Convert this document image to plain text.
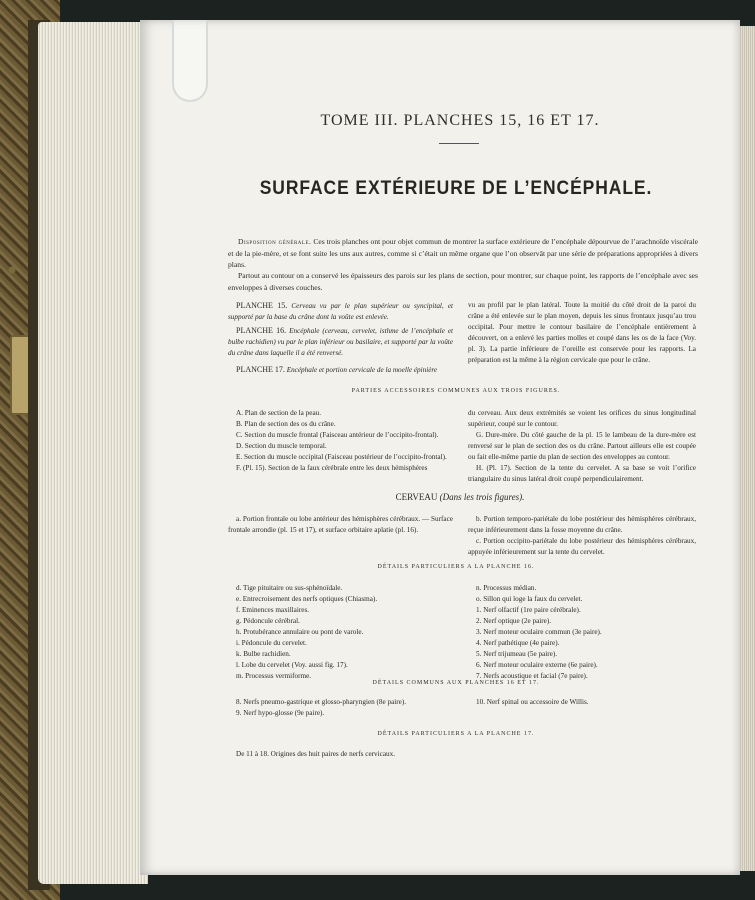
TOME III. PLANCHES 15, 16 ET 17.
SURFACE EXTÉRIEURE DE L’ENCÉPHALE.
Disposition générale. Ces trois planches ont pour objet commun de montrer la surface extérieure de l’encéphale dépourvue de l’arachnoïde viscérale et de la pie-mère, et se font suite les uns aux autres, comme si c’était un même organe que l’on observât par une série de préparations appropriées à divers plans.
Partout au contour on a conservé les épaisseurs des parois sur les plans de section, pour montrer, sur chaque point, les rapports de l’encéphale avec ses enveloppes à diverses couches.
PLANCHE 15. Cerveau vu par le plan supérieur ou syncipital, et supporté par la base du crâne dont la voûte est enlevée.
PLANCHE 16. Encéphale (cerveau, cervelet, isthme de l’encéphale et bulbe rachidien) vu par le plan inférieur ou basilaire, et supporté par la voûte du crâne dans laquelle il a été renversé.
PLANCHE 17. Encéphale et portion cervicale de la moelle épinière
vu au profil par le plan latéral. Toute la moitié du côté droit de la paroi du crâne a été enlevée sur le plan moyen, depuis les sinus frontaux jusqu’au trou occipital. Pour mettre le contour basilaire de l’encéphale entièrement à découvert, on a enlevé les parties molles et coupé dans les os de la face (Voy. pl. 3). La partie inférieure de l’oreille est conservée pour les rapports. La préparation est la même à la région cervicale que pour le crâne.
PARTIES ACCESSOIRES COMMUNES AUX TROIS FIGURES.
A. Plan de section de la peau.
B. Plan de section des os du crâne.
C. Section du muscle frontal (Faisceau antérieur de l’occipito-frontal).
D. Section du muscle temporal.
E. Section du muscle occipital (Faisceau postérieur de l’occipito-frontal).
F. (Pl. 15). Section de la faux cérébrale entre les deux hémisphères
du cerveau. Aux deux extrémités se voient les orifices du sinus longitudinal supérieur, coupé sur le contour.
G. Dure-mère. Du côté gauche de la pl. 15 le lambeau de la dure-mère est renversé sur le plan de section des os du crâne. Partout ailleurs elle est coupée ou fait elle-même partie du plan de section des enveloppes au contour.
H. (Pl. 17). Section de la tente du cervelet. A sa base se voit l’orifice triangulaire du sinus latéral droit coupé perpendiculairement.
CERVEAU (Dans les trois figures).
a. Portion frontale ou lobe antérieur des hémisphères cérébraux. — Surface frontale arrondie (pl. 15 et 17), et surface orbitaire aplatie (pl. 16).
b. Portion temporo-pariétale du lobe postérieur des hémisphères cérébraux, reçue inférieurement dans la fosse moyenne du crâne.
c. Portion occipito-pariétale du lobe postérieur des hémisphères cérébraux, appuyée inférieurement sur la tente du cervelet.
DÉTAILS PARTICULIERS A LA PLANCHE 16.
d. Tige pituitaire ou sus-sphénoïdale.
e. Entrecroisement des nerfs optiques (Chiasma).
f. Eminences maxillaires.
g. Pédoncule cérébral.
h. Protubérance annulaire ou pont de varole.
i. Pédoncule du cervelet.
k. Bulbe rachidien.
l. Lobe du cervelet (Voy. aussi fig. 17).
m. Processus vermiforme.
n. Processus médian.
o. Sillon qui loge la faux du cervelet.
1. Nerf olfactif (1re paire cérébrale).
2. Nerf optique (2e paire).
3. Nerf moteur oculaire commun (3e paire).
4. Nerf pathétique (4e paire).
5. Nerf trijumeau (5e paire).
6. Nerf moteur oculaire externe (6e paire).
7. Nerfs acoustique et facial (7e paire).
DÉTAILS COMMUNS AUX PLANCHES 16 ET 17.
8. Nerfs pneumo-gastrique et glosso-pharyngien (8e paire).
9. Nerf hypo-glosse (9e paire).
10. Nerf spinal ou accessoire de Willis.
DÉTAILS PARTICULIERS A LA PLANCHE 17.
De 11 à 18. Origines des huit paires de nerfs cervicaux.
